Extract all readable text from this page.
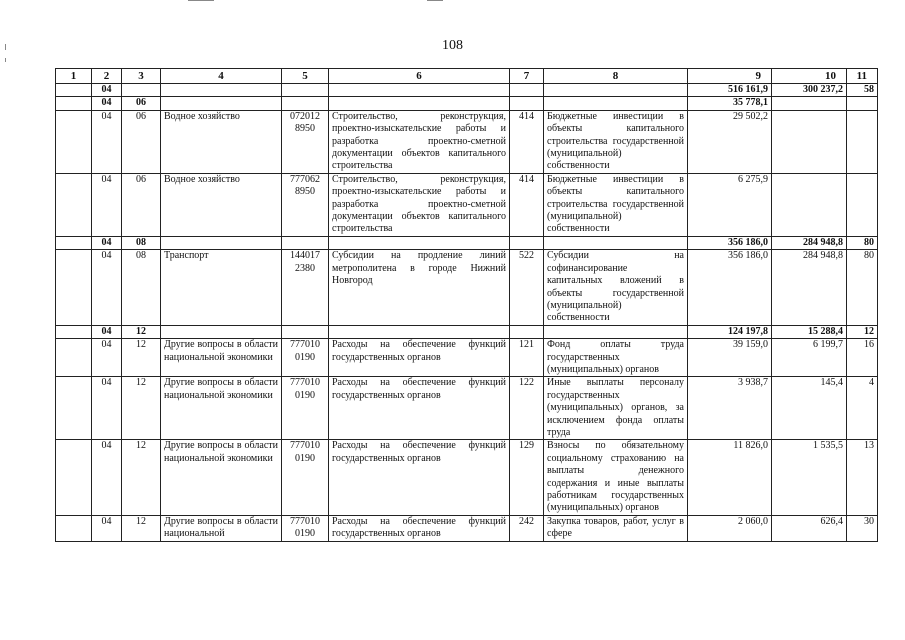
108
1	2	3	4	5	6	7	8	9	10	11
	04							516 161,9	300 237,2	58
	04	06						35 778,1		
	04	06	Водное хозяйство	072012 8950	Строительство, реконструкция, проектно-изыскательские работы и разработка проектно-сметной документации объектов капитального строительства	414	Бюджетные инвестиции в объекты капитального строительства государственной (муниципальной) собственности	29 502,2		
	04	06	Водное хозяйство	777062 8950	Строительство, реконструкция, проектно-изыскательские работы и разработка проектно-сметной документации объектов капитального строительства	414	Бюджетные инвестиции в объекты капитального строительства государственной (муниципальной) собственности	6 275,9		
	04	08						356 186,0	284 948,8	80
	04	08	Транспорт	144017 2380	Субсидии на продление линий метрополитена в городе Нижний Новгород	522	Субсидии на софинансирование капитальных вложений в объекты государственной (муниципальной) собственности	356 186,0	284 948,8	80
	04	12						124 197,8	15 288,4	12
	04	12	Другие вопросы в области национальной экономики	777010 0190	Расходы на обеспечение функций государственных органов	121	Фонд оплаты труда государственных (муниципальных) органов	39 159,0	6 199,7	16
	04	12	Другие вопросы в области национальной экономики	777010 0190	Расходы на обеспечение функций государственных органов	122	Иные выплаты персоналу государственных (муниципальных) органов, за исключением фонда оплаты труда	3 938,7	145,4	4
	04	12	Другие вопросы в области национальной экономики	777010 0190	Расходы на обеспечение функций государственных органов	129	Взносы по обязательному социальному страхованию на выплаты денежного содержания и иные выплаты работникам государственных (муниципальных) органов	11 826,0	1 535,5	13
	04	12	Другие вопросы в области национальной	777010 0190	Расходы на обеспечение функций государственных органов	242	Закупка товаров, работ, услуг в сфере	2 060,0	626,4	30
